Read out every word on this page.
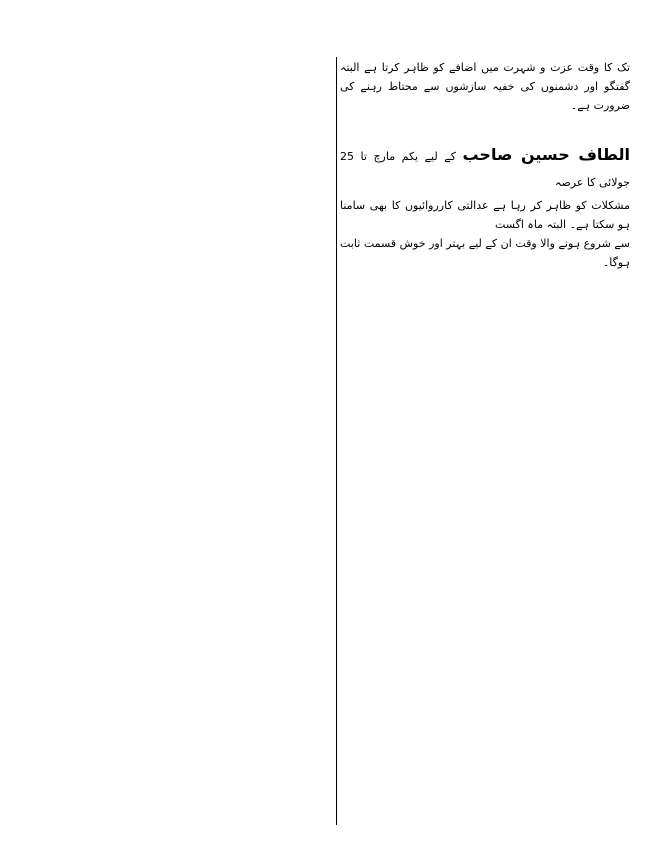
تک کا وقت عزت و شہرت میں اضافے کو ظاہر کرتا ہے البتہ گفتگو اور دشمنوں کی خفیہ سازشوں سے محتاط رہنے کی ضرورت ہے۔

الطاف حسین صاحب کے لیے یکم مارچ تا 25 جولائی کا عرصہ

مشکلات کو ظاہر کر رہا ہے عدالتی کارروائیوں کا بھی سامنا ہو سکتا ہے۔ البتہ ماہ اگست

سے شروع ہونے والا وقت ان کے لیے بہتر اور خوش قسمت ثابت ہوگا۔
